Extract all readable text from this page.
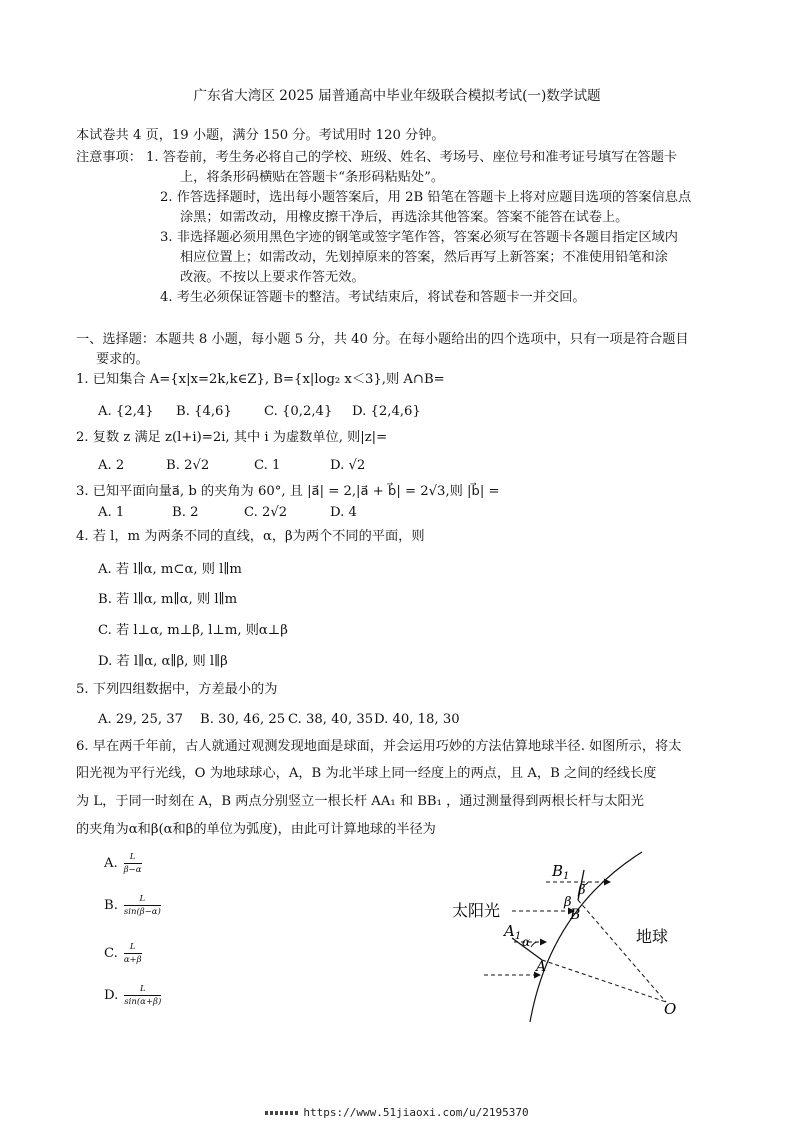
广东省大湾区 2025 届普通高中毕业年级联合模拟考试(一)数学试题
本试卷共 4 页，19 小题，满分 150 分。考试用时 120 分钟。
注意事项： 1. 答卷前，考生务必将自己的学校、班级、姓名、考场号、座位号和准考证号填写在答题卡
上，将条形码横贴在答题卡“条形码粘贴处”。
2. 作答选择题时，选出每小题答案后，用 2B 铅笔在答题卡上将对应题目选项的答案信息点
涂黑；如需改动，用橡皮擦干净后，再选涂其他答案。答案不能答在试卷上。
3. 非选择题必须用黑色字迹的钢笔或签字笔作答，答案必须写在答题卡各题目指定区域内
相应位置上；如需改动，先划掉原来的答案，然后再写上新答案；不准使用铅笔和涂
改液。不按以上要求作答无效。
4. 考生必须保证答题卡的整洁。考试结束后，将试卷和答题卡一并交回。
一、选择题：本题共 8 小题，每小题 5 分，共 40 分。在每小题给出的四个选项中，只有一项是符合题目
要求的。
1. 已知集合 A={x|x=2k,k∈Z}, B={x|log₂ x＜3},则 A∩B=
A. {2,4} B. {4,6} C. {0,2,4} D. {2,4,6}
2. 复数 z 满足 z(l+i)=2i, 其中 i 为虚数单位, 则|z|=
A. 2	B. 2√2	C. 1	D. √2
3. 已知平面向量a⃗, b 的夹角为 60°, 且 |a⃗| = 2,|a⃗ + b⃗| = 2√3,则 |b⃗| =
A. 1	B. 2	C. 2√2	D. 4
4. 若 l，m 为两条不同的直线，α，β为两个不同的平面，则
A. 若 l∥α, m⊂α, 则 l∥m
B. 若 l∥α, m∥α, 则 l∥m
C. 若 l⊥α, m⊥β, l⊥m, 则α⊥β
D. 若 l∥α, α∥β, 则 l∥β
5. 下列四组数据中，方差最小的为
A. 29, 25, 37 B. 30, 46, 25 C. 38, 40, 35 D. 40, 18, 30
6. 早在两千年前，古人就通过观测发现地面是球面，并会运用巧妙的方法估算地球半径. 如图所示，将太
阳光视为平行光线，O 为地球球心，A，B 为北半球上同一经度上的两点，且 A，B 之间的经线长度
为 L，于同一时刻在 A，B 两点分别竖立一根长杆 AA₁ 和 BB₁ ，通过测量得到两根长杆与太阳光
的夹角为α和β(α和β的单位为弧度)，由此可计算地球的半径为
A. $\frac{L}{\beta-\alpha}$
B. $\frac{L}{\sin(\beta-\alpha)}$
C. $\frac{L}{\alpha+\beta}$
D. $\frac{L}{\sin(\alpha+\beta)}$
$B_1$
β
太阳光	β
B
$A_1$ α
A
地球
O
https://www.51jiaoxi.com/u/2195370
